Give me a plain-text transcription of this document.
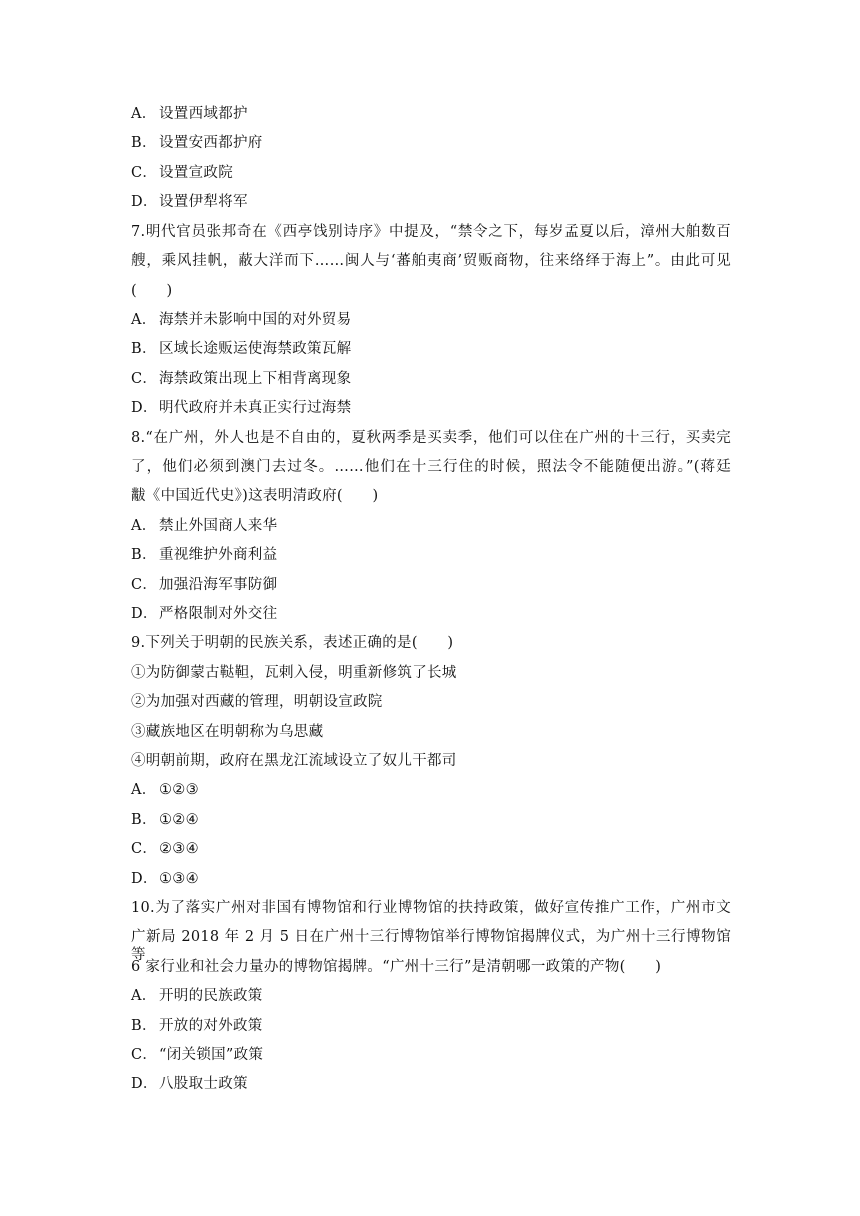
A． 设置西域都护
B． 设置安西都护府
C． 设置宣政院
D．设置伊犁将军
7.明代官员张邦奇在《西亭饯别诗序》中提及，“禁令之下，每岁孟夏以后，漳州大舶数百
艘，乘风挂帆，蔽大洋而下……闽人与‘蕃舶夷商’贸贩商物，往来络绎于海上”。由此可见
(　　)
A． 海禁并未影响中国的对外贸易
B． 区域长途贩运使海禁政策瓦解
C． 海禁政策出现上下相背离现象
D．明代政府并未真正实行过海禁
8.“在广州，外人也是不自由的，夏秋两季是买卖季，他们可以住在广州的十三行，买卖完
了，他们必须到澳门去过冬。……他们在十三行住的时候，照法令不能随便出游。”(蒋廷
黻《中国近代史》)这表明清政府(　　)
A． 禁止外国商人来华
B． 重视维护外商利益
C． 加强沿海军事防御
D．严格限制对外交往
9.下列关于明朝的民族关系，表述正确的是(　　)
①为防御蒙古鞑靼，瓦剌入侵，明重新修筑了长城
②为加强对西藏的管理，明朝设宣政院
③藏族地区在明朝称为乌思藏
④明朝前期，政府在黑龙江流域设立了奴儿干都司
A． ①②③
B． ①②④
C． ②③④
D．①③④
10.为了落实广州对非国有博物馆和行业博物馆的扶持政策，做好宣传推广工作，广州市文
广新局 2018 年 2 月 5 日在广州十三行博物馆举行博物馆揭牌仪式，为广州十三行博物馆等
6 家行业和社会力量办的博物馆揭牌。“广州十三行”是清朝哪一政策的产物(　　)
A． 开明的民族政策
B． 开放的对外政策
C． “闭关锁国”政策
D．八股取士政策
